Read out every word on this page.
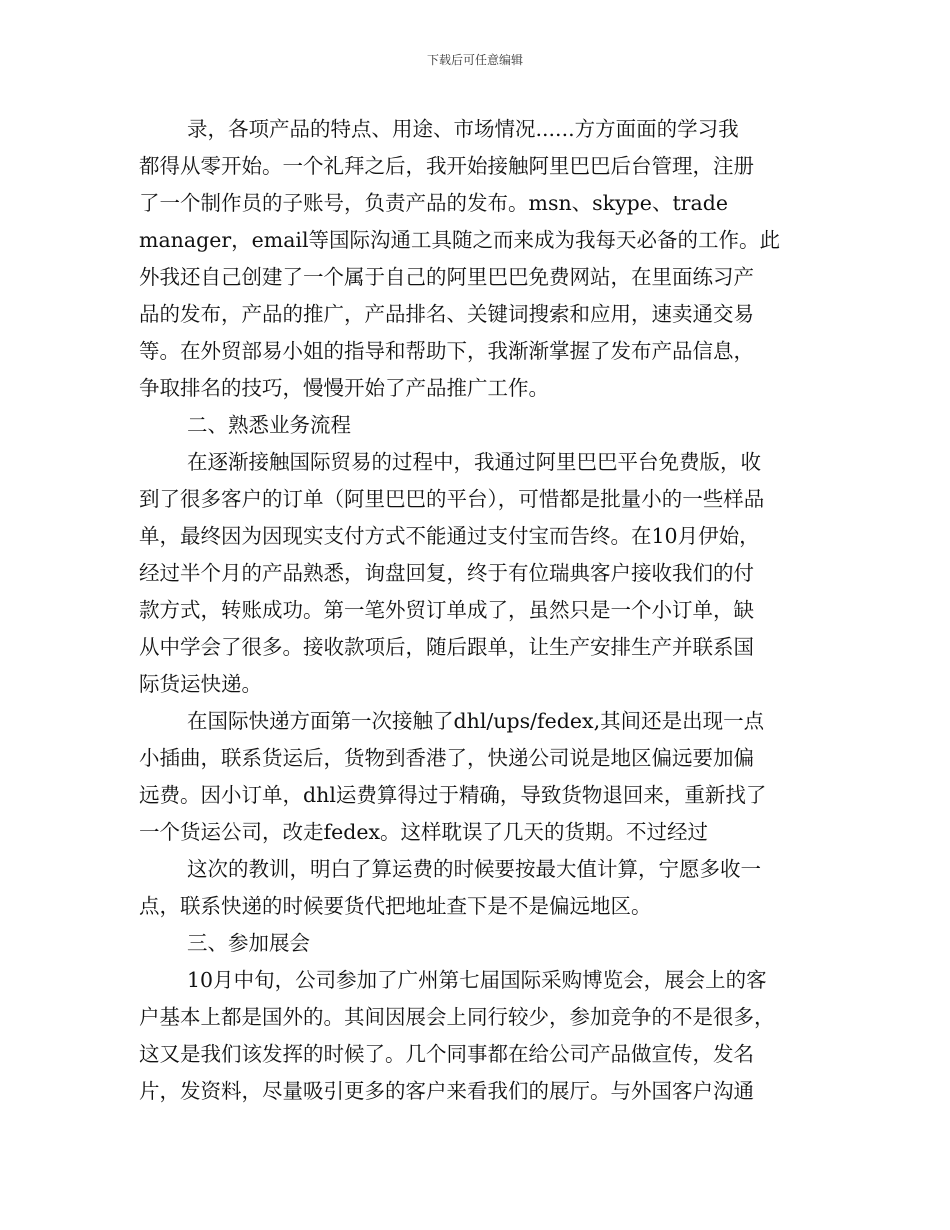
下载后可任意编辑
录，各项产品的特点、用途、市场情况......方方面面的学习我
都得从零开始。一个礼拜之后，我开始接触阿里巴巴后台管理，注册
了一个制作员的子账号，负责产品的发布。msn、skype、trade
manager，email等国际沟通工具随之而来成为我每天必备的工作。此
外我还自己创建了一个属于自己的阿里巴巴免费网站，在里面练习产
品的发布，产品的推广，产品排名、关键词搜索和应用，速卖通交易
等。在外贸部易小姐的指导和帮助下，我渐渐掌握了发布产品信息，
争取排名的技巧，慢慢开始了产品推广工作。
二、熟悉业务流程
在逐渐接触国际贸易的过程中，我通过阿里巴巴平台免费版，收
到了很多客户的订单（阿里巴巴的平台），可惜都是批量小的一些样品
单，最终因为因现实支付方式不能通过支付宝而告终。在10月伊始，
经过半个月的产品熟悉，询盘回复，终于有位瑞典客户接收我们的付
款方式，转账成功。第一笔外贸订单成了，虽然只是一个小订单，缺
从中学会了很多。接收款项后，随后跟单，让生产安排生产并联系国
际货运快递。
在国际快递方面第一次接触了dhl/ups/fedex,其间还是出现一点
小插曲，联系货运后，货物到香港了，快递公司说是地区偏远要加偏
远费。因小订单，dhl运费算得过于精确，导致货物退回来，重新找了
一个货运公司，改走fedex。这样耽误了几天的货期。不过经过
这次的教训，明白了算运费的时候要按最大值计算，宁愿多收一
点，联系快递的时候要货代把地址查下是不是偏远地区。
三、参加展会
10月中旬，公司参加了广州第七届国际采购博览会，展会上的客
户基本上都是国外的。其间因展会上同行较少，参加竞争的不是很多，
这又是我们该发挥的时候了。几个同事都在给公司产品做宣传，发名
片，发资料，尽量吸引更多的客户来看我们的展厅。与外国客户沟通
